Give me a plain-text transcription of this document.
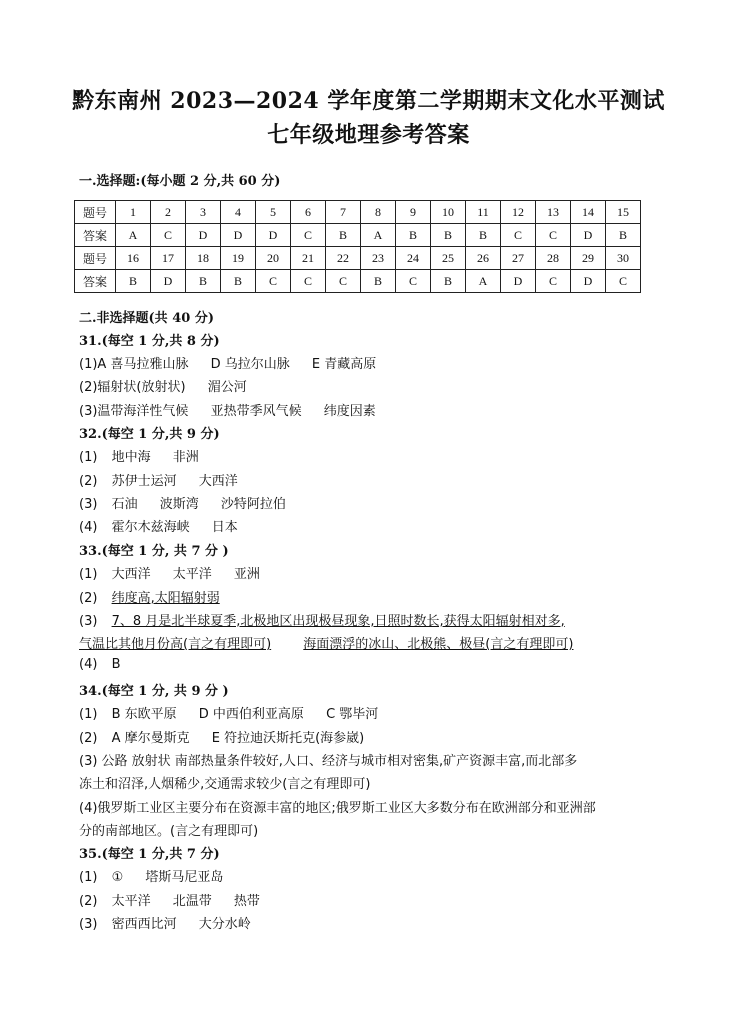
黔东南州 2023—2024 学年度第二学期期末文化水平测试
七年级地理参考答案
一.选择题:(每小题 2 分,共 60 分)
题号	1	2	3	4	5	6	7	8	9	10	11	12	13	14	15
答案	A	C	D	D	D	C	B	A	B	B	B	C	C	D	B
题号	16	17	18	19	20	21	22	23	24	25	26	27	28	29	30
答案	B	D	B	B	C	C	C	B	C	B	A	D	C	D	C
二.非选择题(共 40 分)
31.(每空 1 分,共 8 分)
(1)A 喜马拉雅山脉 D 乌拉尔山脉 E 青藏高原
(2)辐射状(放射状) 湄公河
(3)温带海洋性气候 亚热带季风气候 纬度因素
32.(每空 1 分,共 9 分)
(1) 地中海 非洲
(2) 苏伊士运河 大西洋
(3) 石油 波斯湾 沙特阿拉伯
(4) 霍尔木兹海峡 日本
33.(每空 1 分, 共 7 分 )
(1) 大西洋 太平洋 亚洲
(2) 纬度高,太阳辐射弱
(3) 7、8 月是北半球夏季,北极地区出现极昼现象,日照时数长,获得太阳辐射相对多,
气温比其他月份高(言之有理即可) 海面漂浮的冰山、北极熊、极昼(言之有理即可)
(4) B
34.(每空 1 分, 共 9 分 )
(1) B 东欧平原 D 中西伯利亚高原 C 鄂毕河
(2) A 摩尔曼斯克 E 符拉迪沃斯托克(海参崴)
(3) 公路 放射状 南部热量条件较好,人口、经济与城市相对密集,矿产资源丰富,而北部多
冻土和沼泽,人烟稀少,交通需求较少(言之有理即可)
(4)俄罗斯工业区主要分布在资源丰富的地区;俄罗斯工业区大多数分布在欧洲部分和亚洲部
分的南部地区。(言之有理即可)
35.(每空 1 分,共 7 分)
(1) ① 塔斯马尼亚岛
(2) 太平洋 北温带 热带
(3) 密西西比河 大分水岭
